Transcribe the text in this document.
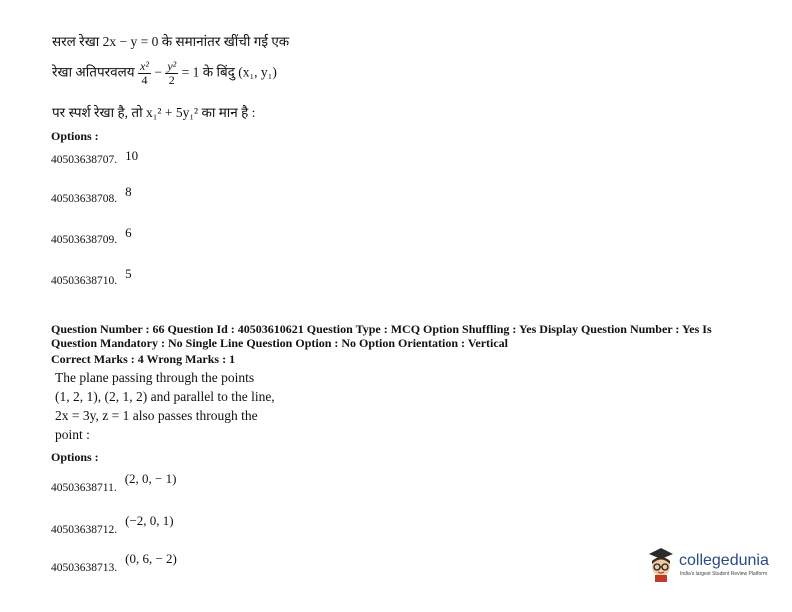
सरल रेखा 2x − y = 0 के समानांतर खींची गई एक
रेखा अतिपरवलय $\frac{\text{x²}}{4} - \frac{\text{y²}}{2} = 1$ के बिंदु (x₁, y₁)
पर स्पर्श रेखा है, तो x₁² + 5y₁² का मान है :
Options :
40503638707. 10
40503638708. $^8$
40503638709. $^6$
40503638710. $^5$
Question Number : 66 Question Id : 40503610621 Question Type : MCQ Option Shuffling : Yes Display Question Number : Yes Is
Question Mandatory : No Single Line Question Option : No Option Orientation : Vertical
Correct Marks : 4 Wrong Marks : 1
The plane passing through the points
(1, 2, 1), (2, 1, 2) and parallel to the line,
2x = 3y, z = 1 also passes through the
point :
Options :
$_{40503638711.}$ (2, 0, − 1)
$_{40503638712.}$ (−2, 0, 1)
$_{40503638713.}$ (0, 6, − 2)	collegedunia
India's largest Student Review Platform
